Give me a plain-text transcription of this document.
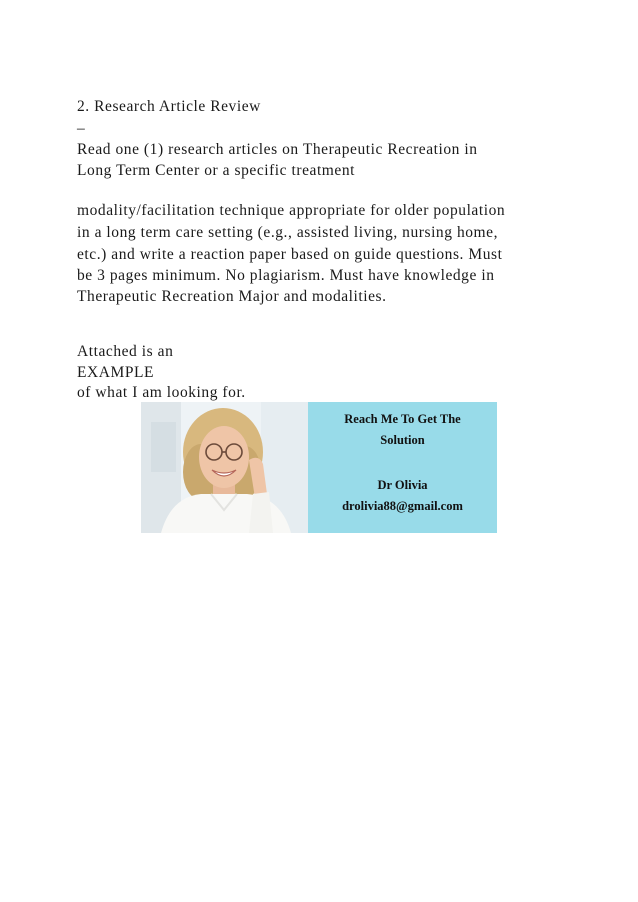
2. Research Article Review
–
Read one (1) research articles on Therapeutic Recreation in
Long Term Center or a specific treatment
modality/facilitation technique appropriate for older population
in a long term care setting (e.g., assisted living, nursing home,
etc.) and write a reaction paper based on guide questions. Must
be 3 pages minimum. No plagiarism. Must have knowledge in
Therapeutic Recreation Major and modalities.
Attached is an
EXAMPLE
of what I am looking for.
Reach Me To Get The
Solution
Dr Olivia
drolivia88@gmail.com
